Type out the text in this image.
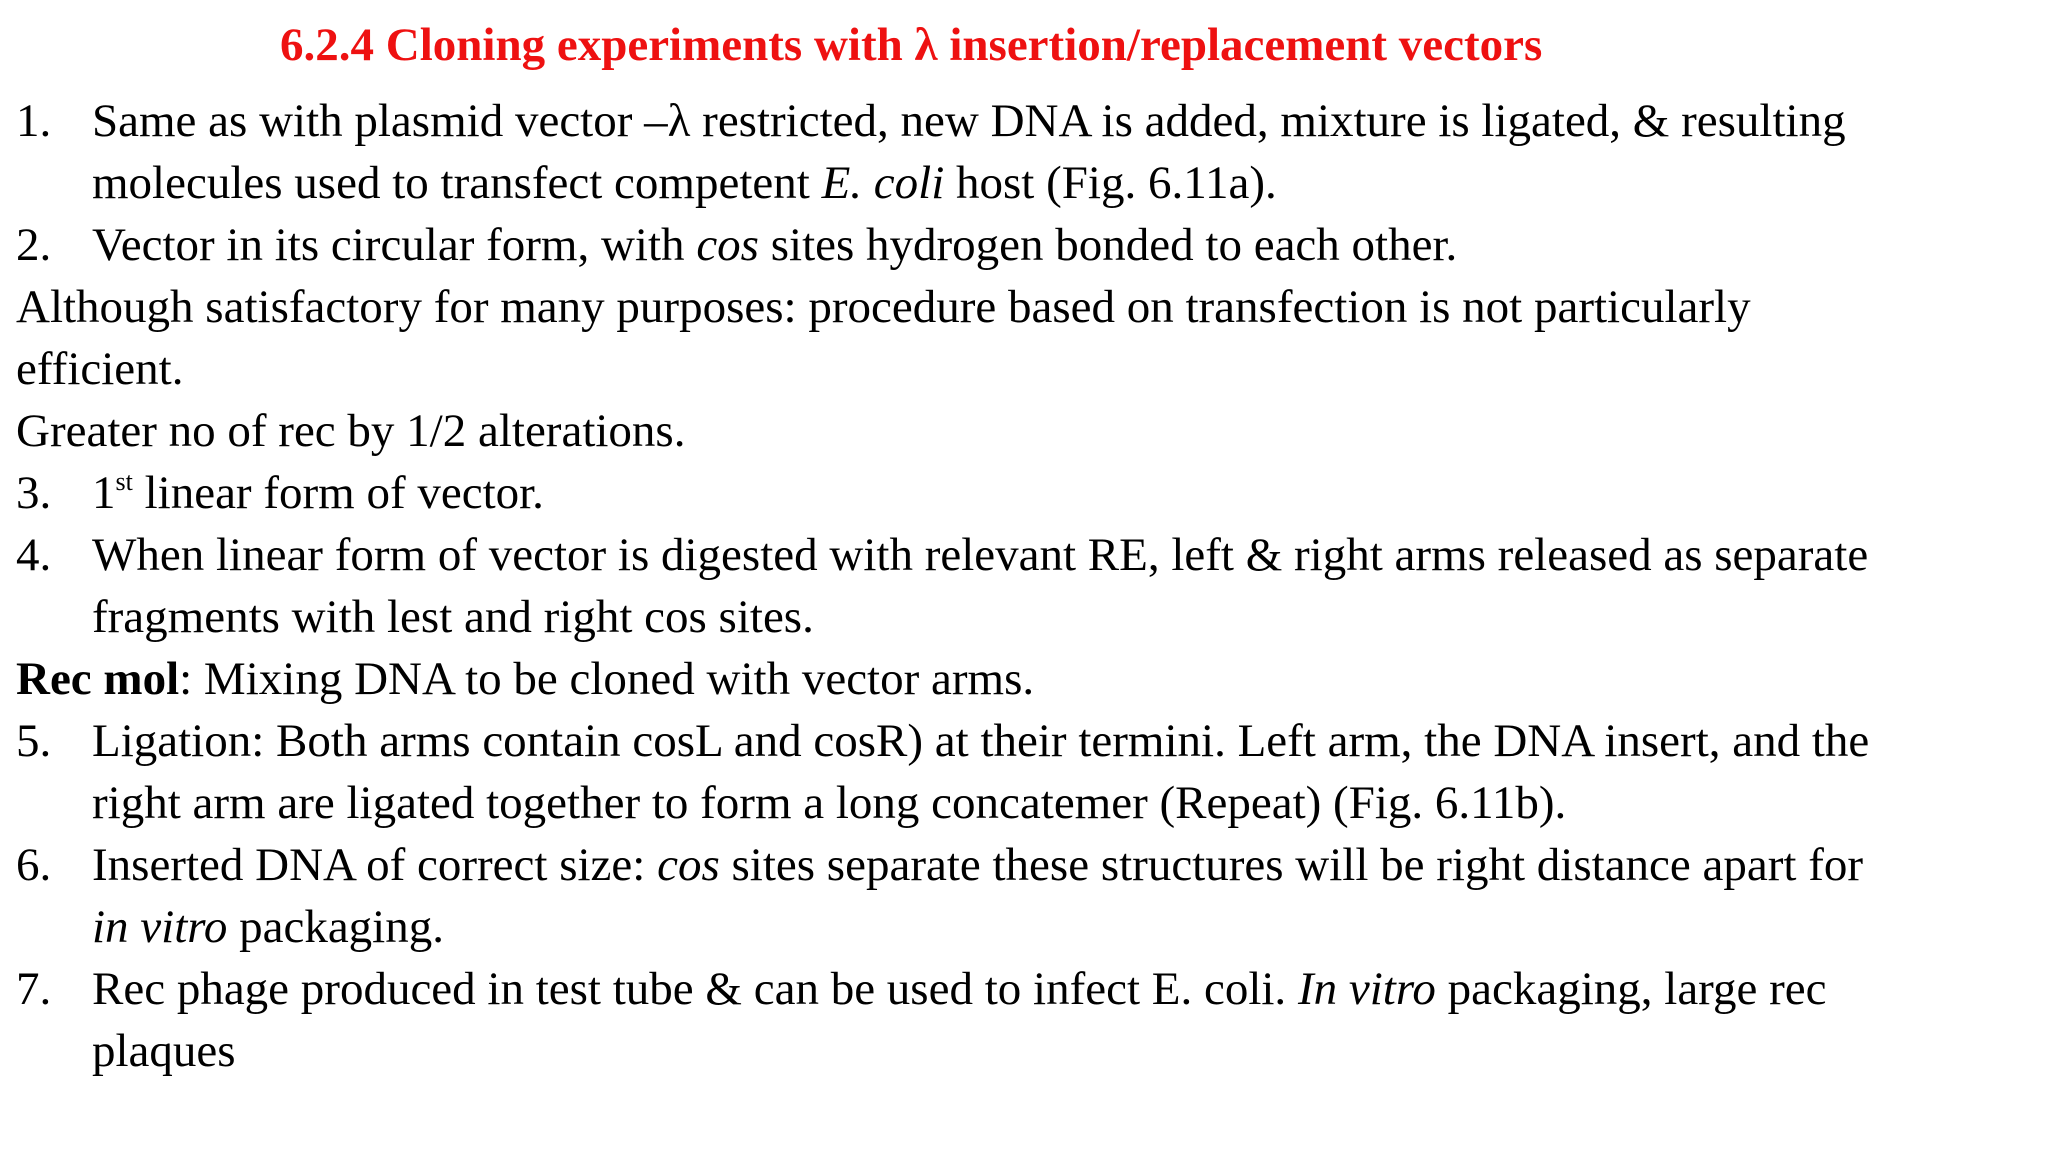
6.2.4 Cloning experiments with λ insertion/replacement vectors
1. Same as with plasmid vector –λ restricted, new DNA is added, mixture is ligated, & resulting
molecules used to transfect competent E. coli host (Fig. 6.11a).
2. Vector in its circular form, with cos sites hydrogen bonded to each other.
Although satisfactory for many purposes: procedure based on transfection is not particularly
efficient.
Greater no of rec by 1/2 alterations.
3. 1st linear form of vector.
4. When linear form of vector is digested with relevant RE, left & right arms released as separate
fragments with lest and right cos sites.
Rec mol: Mixing DNA to be cloned with vector arms.
5. Ligation: Both arms contain cosL and cosR) at their termini. Left arm, the DNA insert, and the
right arm are ligated together to form a long concatemer (Repeat) (Fig. 6.11b).
6. Inserted DNA of correct size: cos sites separate these structures will be right distance apart for
in vitro packaging.
7. Rec phage produced in test tube & can be used to infect E. coli. In vitro packaging, large rec
plaques
